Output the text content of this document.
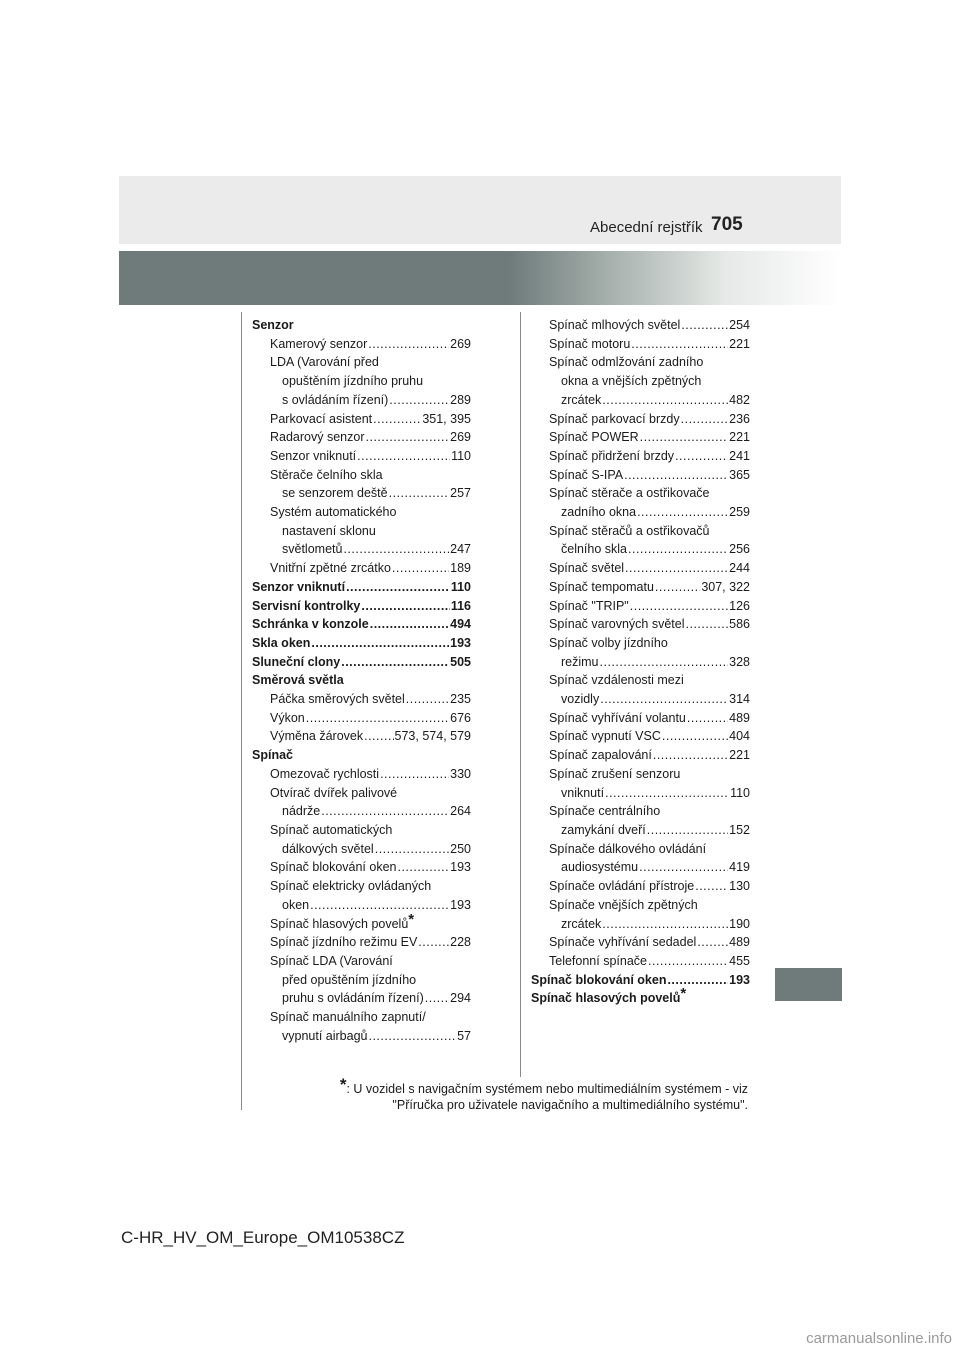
Abecední rejstřík 705
Senzor
Kamerový senzor .....	269
LDA (Varování před
opuštěním jízdního pruhu
s ovládáním řízení) .....	289
Parkovací asistent .....	351, 395
Radarový senzor .....	269
Senzor vniknutí .....	110
Stěrače čelního skla
se senzorem deště .....	257
Systém automatického
nastavení sklonu
světlometů .....	247
Vnitřní zpětné zrcátko .....	189
Senzor vniknutí .....	110
Servisní kontrolky .....	116
Schránka v konzole .....	494
Skla oken .....	193
Sluneční clony .....	505
Směrová světla
Páčka směrových světel .....	235
Výkon .....	676
Výměna žárovek .....	573, 574, 579
Spínač
Omezovač rychlosti .....	330
Otvírač dvířek palivové
nádrže .....	264
Spínač automatických
dálkových světel .....	250
Spínač blokování oken .....	193
Spínač elektricky ovládaných
oken .....	193
Spínač hlasových povelů*
Spínač jízdního režimu EV .....	228
Spínač LDA (Varování
před opuštěním jízdního
pruhu s ovládáním řízení) ..... 294
Spínač manuálního zapnutí/
vypnutí airbagů .....	57
Spínač mlhových světel .....	254
Spínač motoru .....	221
Spínač odmlžování zadního
okna a vnějších zpětných
zrcátek .....	482
Spínač parkovací brzdy .....	236
Spínač POWER .....	221
Spínač přidržení brzdy .....	241
Spínač S-IPA .....	365
Spínač stěrače a ostřikovače
zadního okna .....	259
Spínač stěračů a ostřikovačů
čelního skla .....	256
Spínač světel .....	244
Spínač tempomatu .....	307, 322
Spínač "TRIP" .....	126
Spínač varovných světel .....	586
Spínač volby jízdního
režimu .....	328
Spínač vzdálenosti mezi
vozidly .....	314
Spínač vyhřívání volantu .....	489
Spínač vypnutí VSC .....	404
Spínač zapalování .....	221
Spínač zrušení senzoru
vniknutí .....	110
Spínače centrálního
zamykání dveří .....	152
Spínače dálkového ovládání
audiosystému .....	419
Spínače ovládání přístroje .....	130
Spínače vnějších zpětných
zrcátek .....	190
Spínače vyhřívání sedadel .....	489
Telefonní spínače .....	455
Spínač blokování oken .....	193
Spínač hlasových povelů*
*: U vozidel s navigačním systémem nebo multimediálním systémem - viz
"Příručka pro uživatele navigačního a multimediálního systému".
C-HR_HV_OM_Europe_OM10538CZ
carmanualsonline.info
